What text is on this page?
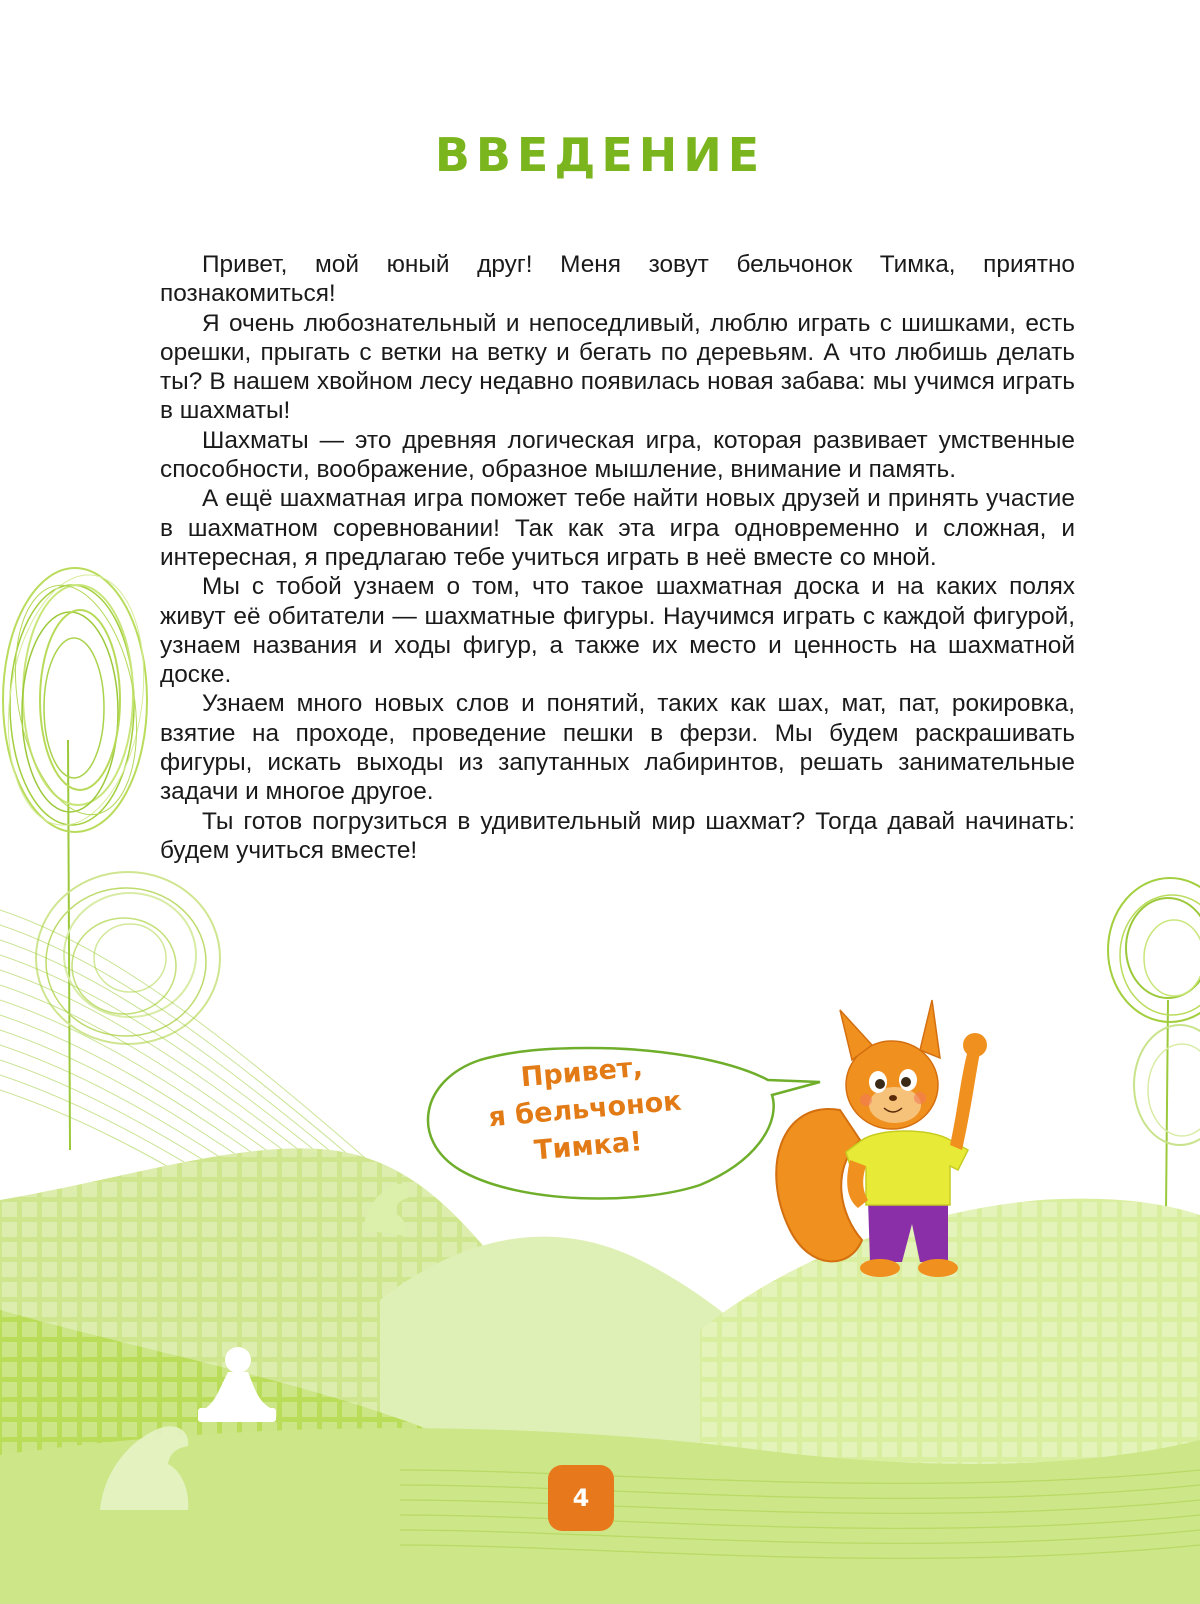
ВВЕДЕНИЕ

Привет, мой юный друг! Меня зовут бельчонок Тимка, приятно познакомиться!

Я очень любознательный и непоседливый, люблю играть с шишками, есть орешки, прыгать с ветки на ветку и бегать по деревьям. А что любишь делать ты? В нашем хвойном лесу недавно появилась новая забава: мы учимся играть в шахматы!

Шахматы — это древняя логическая игра, которая развивает умственные способности, воображение, образное мышление, внимание и память.

А ещё шахматная игра поможет тебе найти новых друзей и принять участие в шахматном соревновании! Так как эта игра одновременно и сложная, и интересная, я предлагаю тебе учиться играть в неё вместе со мной.

Мы с тобой узнаем о том, что такое шахматная доска и на каких полях живут её обитатели — шахматные фигуры. Научимся играть с каждой фигурой, узнаем названия и ходы фигур, а также их место и ценность на шахматной доске.

Узнаем много новых слов и понятий, таких как шах, мат, пат, рокировка, взятие на проходе, проведение пешки в ферзи. Мы будем раскрашивать фигуры, искать выходы из запутанных лабиринтов, решать занимательные задачи и многое другое.

Ты готов погрузиться в удивительный мир шахмат? Тогда давай начинать: будем учиться вместе!

Привет,
я бельчонок
Тимка!
4
